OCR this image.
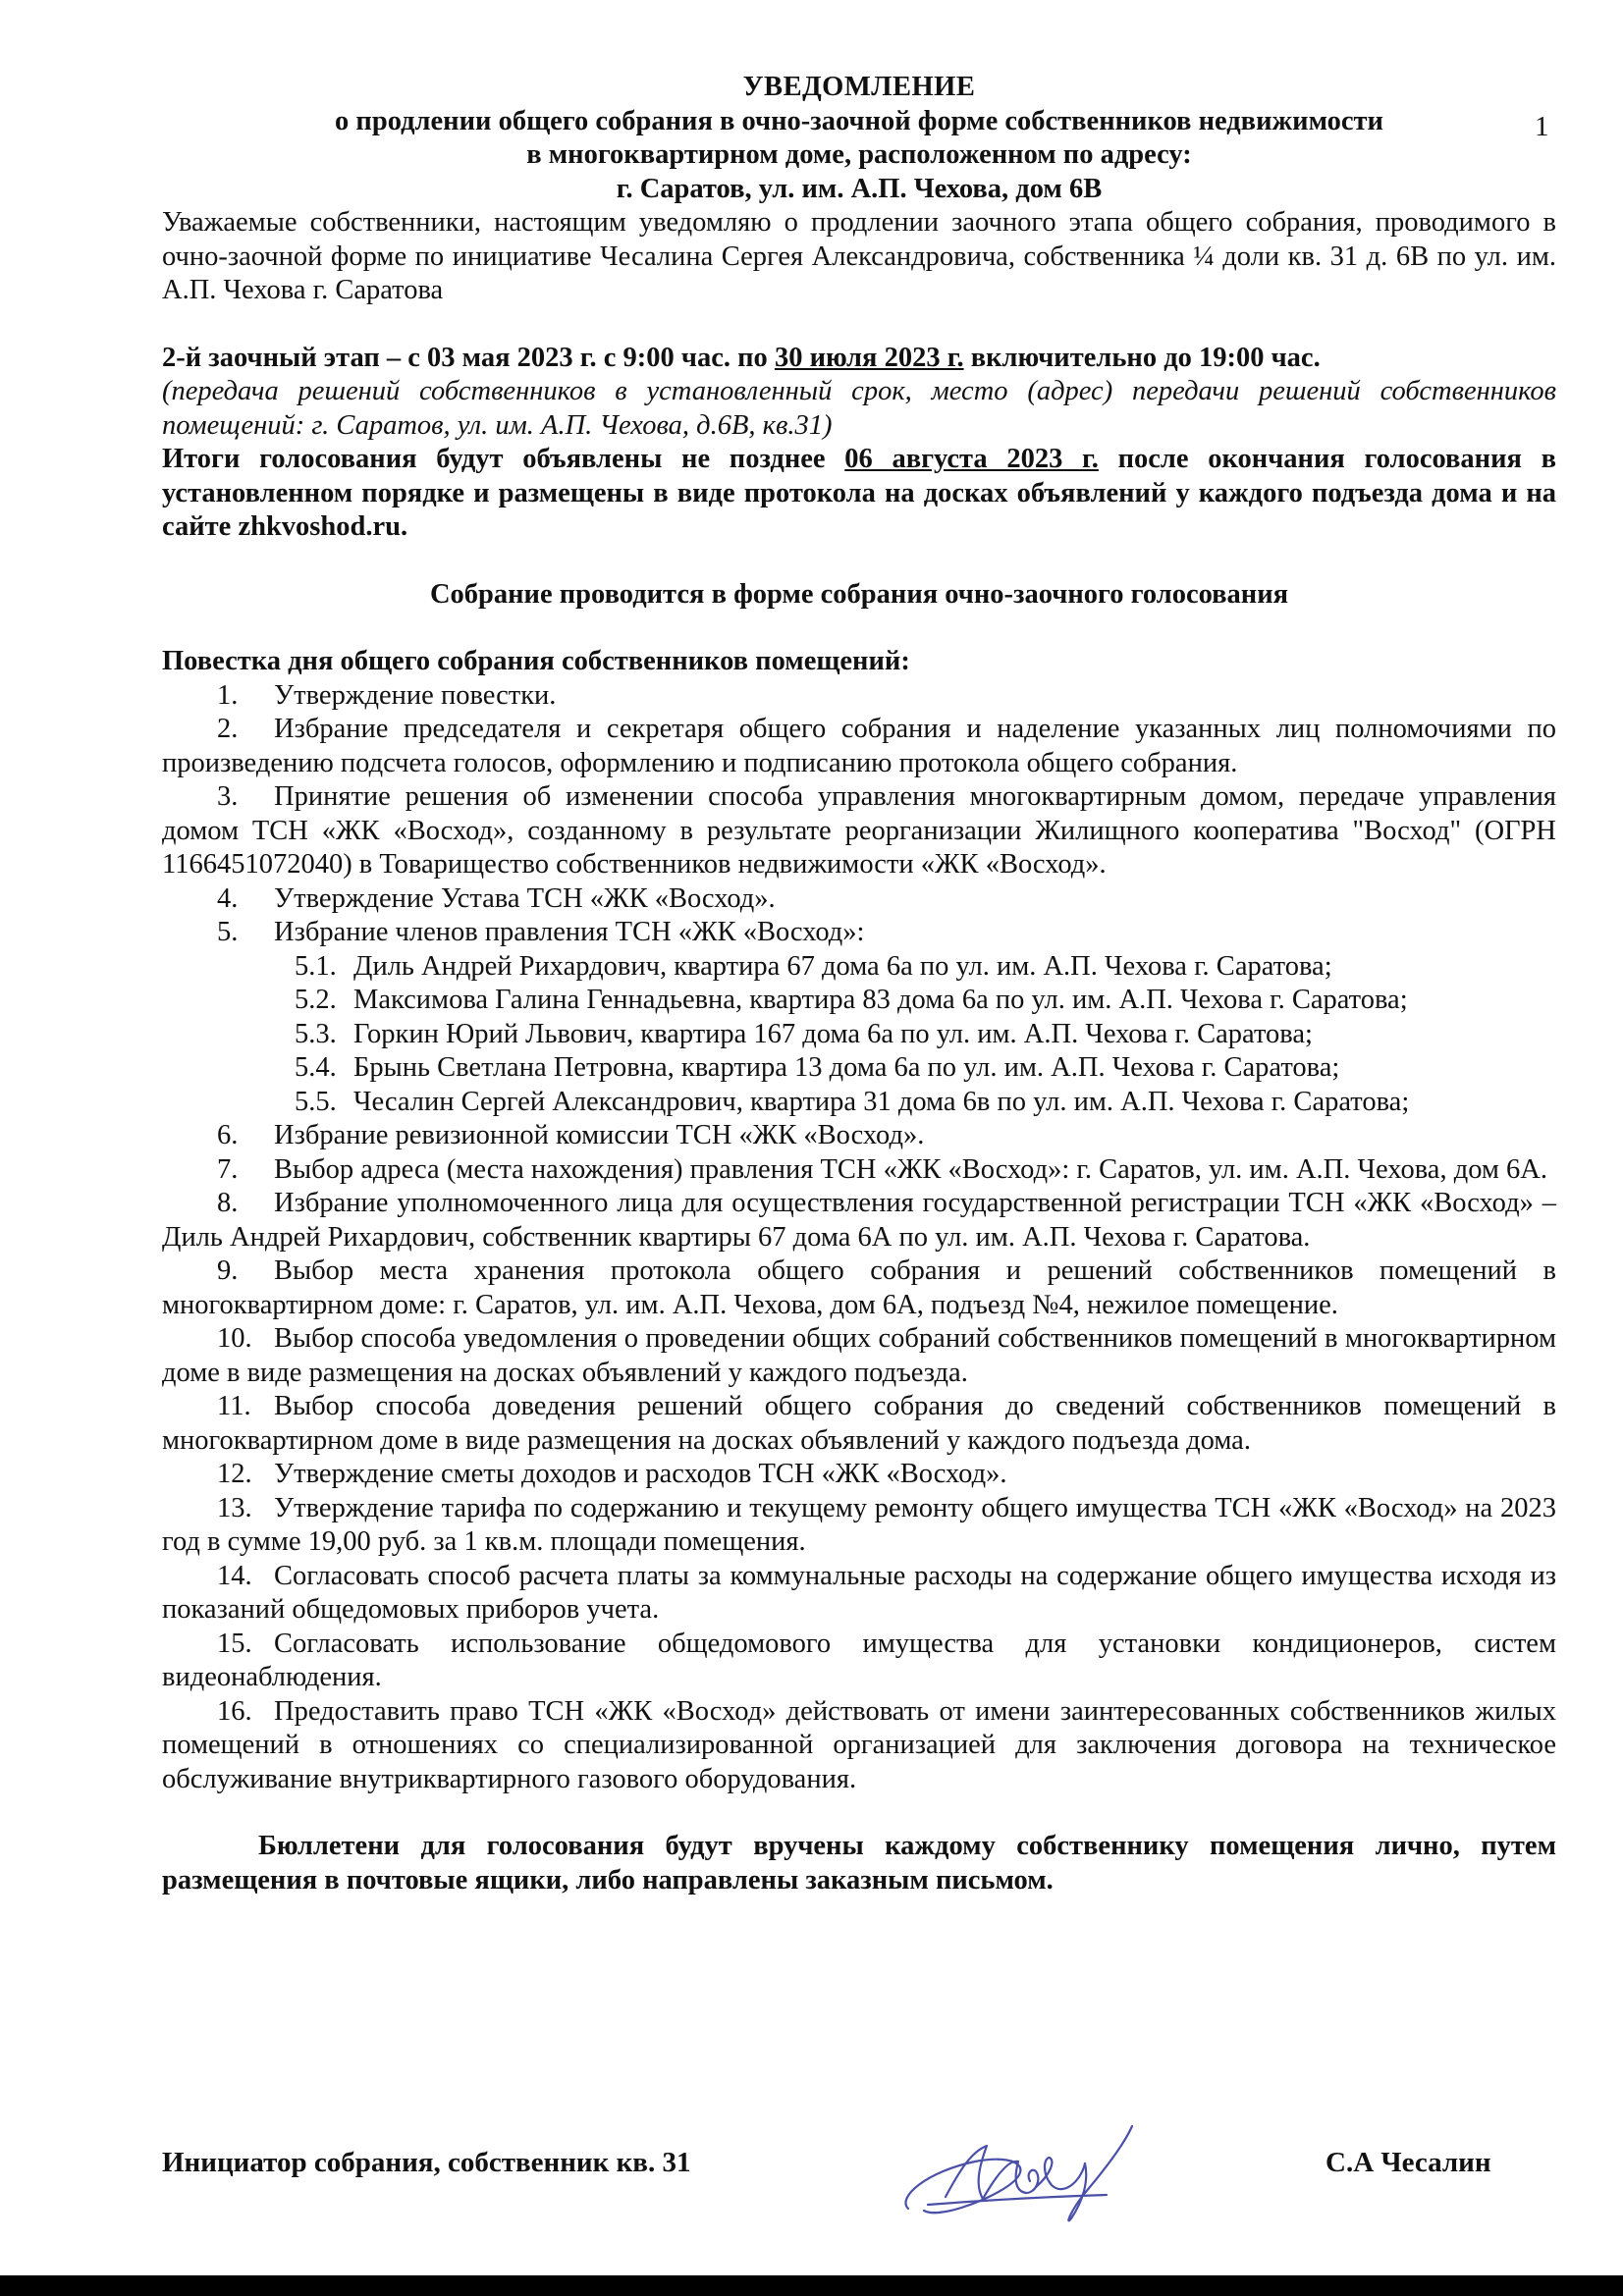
1

УВЕДОМЛЕНИЕ

о продлении общего собрания в очно-заочной форме собственников недвижимости

в многоквартирном доме, расположенном по адресу:

г. Саратов, ул. им. А.П. Чехова, дом 6В

Уважаемые собственники, настоящим уведомляю о продлении заочного этапа общего собрания, проводимого в очно-заочной форме по инициативе Чесалина Сергея Александровича, собственника ¼ доли кв. 31 д. 6В по ул. им. А.П. Чехова г. Саратова

2-й заочный этап – с 03 мая 2023 г. с 9:00 час. по 30 июля 2023 г. включительно до 19:00 час.

(передача решений собственников в установленный срок, место (адрес) передачи решений собственников помещений: г. Саратов, ул. им. А.П. Чехова, д.6В, кв.31)

Итоги голосования будут объявлены не позднее 06 августа 2023 г. после окончания голосования в установленном порядке и размещены в виде протокола на досках объявлений у каждого подъезда дома и на сайте zhkvoshod.ru.

Собрание проводится в форме собрания очно-заочного голосования

Повестка дня общего собрания собственников помещений:

1. Утверждение повестки.

2. Избрание председателя и секретаря общего собрания и наделение указанных лиц полномочиями по произведению подсчета голосов, оформлению и подписанию протокола общего собрания.

3. Принятие решения об изменении способа управления многоквартирным домом, передаче управления домом ТСН «ЖК «Восход», созданному в результате реорганизации Жилищного кооператива "Восход" (ОГРН 1166451072040) в Товарищество собственников недвижимости «ЖК «Восход».

4. Утверждение Устава ТСН «ЖК «Восход».

5. Избрание членов правления ТСН «ЖК «Восход»:

5.1. Диль Андрей Рихардович, квартира 67 дома 6а по ул. им. А.П. Чехова г. Саратова;

5.2. Максимова Галина Геннадьевна, квартира 83 дома 6а по ул. им. А.П. Чехова г. Саратова;

5.3. Горкин Юрий Львович, квартира 167 дома 6а по ул. им. А.П. Чехова г. Саратова;

5.4. Брынь Светлана Петровна, квартира 13 дома 6а по ул. им. А.П. Чехова г. Саратова;

5.5. Чесалин Сергей Александрович, квартира 31 дома 6в по ул. им. А.П. Чехова г. Саратова;

6. Избрание ревизионной комиссии ТСН «ЖК «Восход».

7. Выбор адреса (места нахождения) правления ТСН «ЖК «Восход»: г. Саратов, ул. им. А.П. Чехова, дом 6А.

8. Избрание уполномоченного лица для осуществления государственной регистрации ТСН «ЖК «Восход» – Диль Андрей Рихардович, собственник квартиры 67 дома 6А по ул. им. А.П. Чехова г. Саратова.

9. Выбор места хранения протокола общего собрания и решений собственников помещений в многоквартирном доме: г. Саратов, ул. им. А.П. Чехова, дом 6А, подъезд №4, нежилое помещение.

10. Выбор способа уведомления о проведении общих собраний собственников помещений в многоквартирном доме в виде размещения на досках объявлений у каждого подъезда.

11. Выбор способа доведения решений общего собрания до сведений собственников помещений в многоквартирном доме в виде размещения на досках объявлений у каждого подъезда дома.

12. Утверждение сметы доходов и расходов ТСН «ЖК «Восход».

13. Утверждение тарифа по содержанию и текущему ремонту общего имущества ТСН «ЖК «Восход» на 2023 год в сумме 19,00 руб. за 1 кв.м. площади помещения.

14. Согласовать способ расчета платы за коммунальные расходы на содержание общего имущества исходя из показаний общедомовых приборов учета.

15. Согласовать использование общедомового имущества для установки кондиционеров, систем видеонаблюдения.

16. Предоставить право ТСН «ЖК «Восход» действовать от имени заинтересованных собственников жилых помещений в отношениях со специализированной организацией для заключения договора на техническое обслуживание внутриквартирного газового оборудования.

Бюллетени для голосования будут вручены каждому собственнику помещения лично, путем размещения в почтовые ящики, либо направлены заказным письмом.

Инициатор собрания, собственник кв. 31	С.А Чесалин
